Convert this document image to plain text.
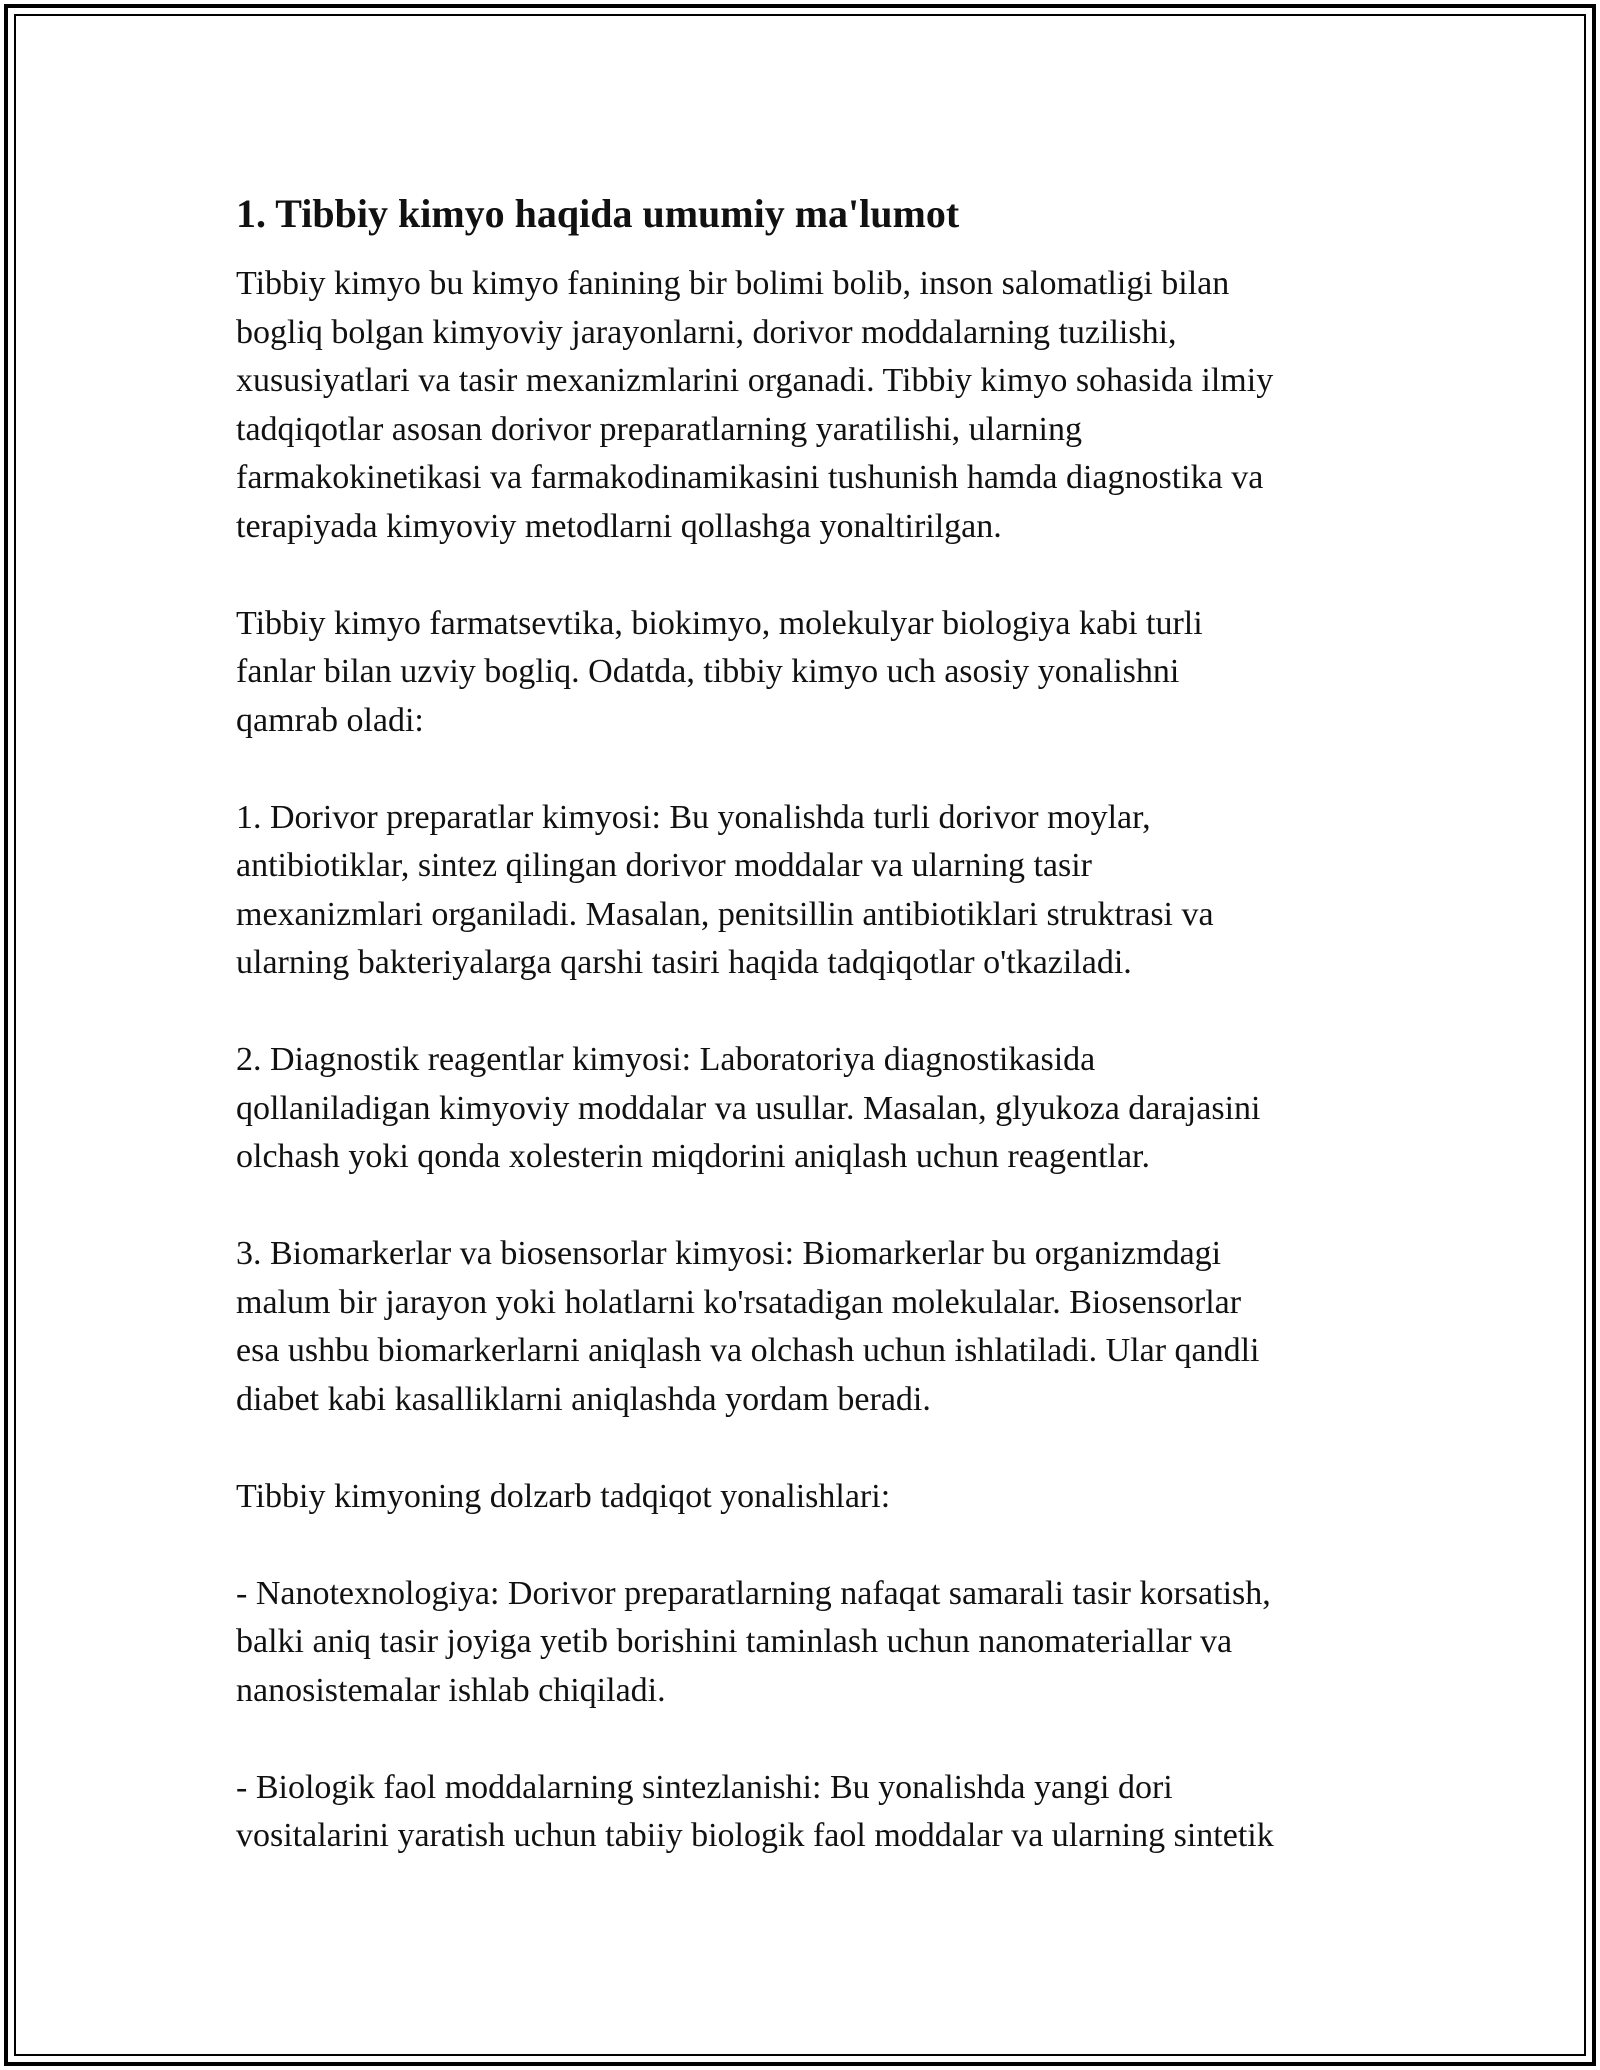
1. Tibbiy kimyo haqida umumiy ma'lumot

Tibbiy kimyo bu kimyo fanining bir bolimi bolib, inson salomatligi bilan
bogliq bolgan kimyoviy jarayonlarni, dorivor moddalarning tuzilishi,
xususiyatlari va tasir mexanizmlarini organadi. Tibbiy kimyo sohasida ilmiy
tadqiqotlar asosan dorivor preparatlarning yaratilishi, ularning
farmakokinetikasi va farmakodinamikasini tushunish hamda diagnostika va
terapiyada kimyoviy metodlarni qollashga yonaltirilgan.

Tibbiy kimyo farmatsevtika, biokimyo, molekulyar biologiya kabi turli
fanlar bilan uzviy bogliq. Odatda, tibbiy kimyo uch asosiy yonalishni
qamrab oladi:

1. Dorivor preparatlar kimyosi: Bu yonalishda turli dorivor moylar,
antibiotiklar, sintez qilingan dorivor moddalar va ularning tasir
mexanizmlari organiladi. Masalan, penitsillin antibiotiklari struktrasi va
ularning bakteriyalarga qarshi tasiri haqida tadqiqotlar o'tkaziladi.

2. Diagnostik reagentlar kimyosi: Laboratoriya diagnostikasida
qollaniladigan kimyoviy moddalar va usullar. Masalan, glyukoza darajasini
olchash yoki qonda xolesterin miqdorini aniqlash uchun reagentlar.

3. Biomarkerlar va biosensorlar kimyosi: Biomarkerlar bu organizmdagi
malum bir jarayon yoki holatlarni ko'rsatadigan molekulalar. Biosensorlar
esa ushbu biomarkerlarni aniqlash va olchash uchun ishlatiladi. Ular qandli
diabet kabi kasalliklarni aniqlashda yordam beradi.

Tibbiy kimyoning dolzarb tadqiqot yonalishlari:

- Nanotexnologiya: Dorivor preparatlarning nafaqat samarali tasir korsatish,
balki aniq tasir joyiga yetib borishini taminlash uchun nanomateriallar va
nanosistemalar ishlab chiqiladi.

- Biologik faol moddalarning sintezlanishi: Bu yonalishda yangi dori
vositalarini yaratish uchun tabiiy biologik faol moddalar va ularning sintetik
